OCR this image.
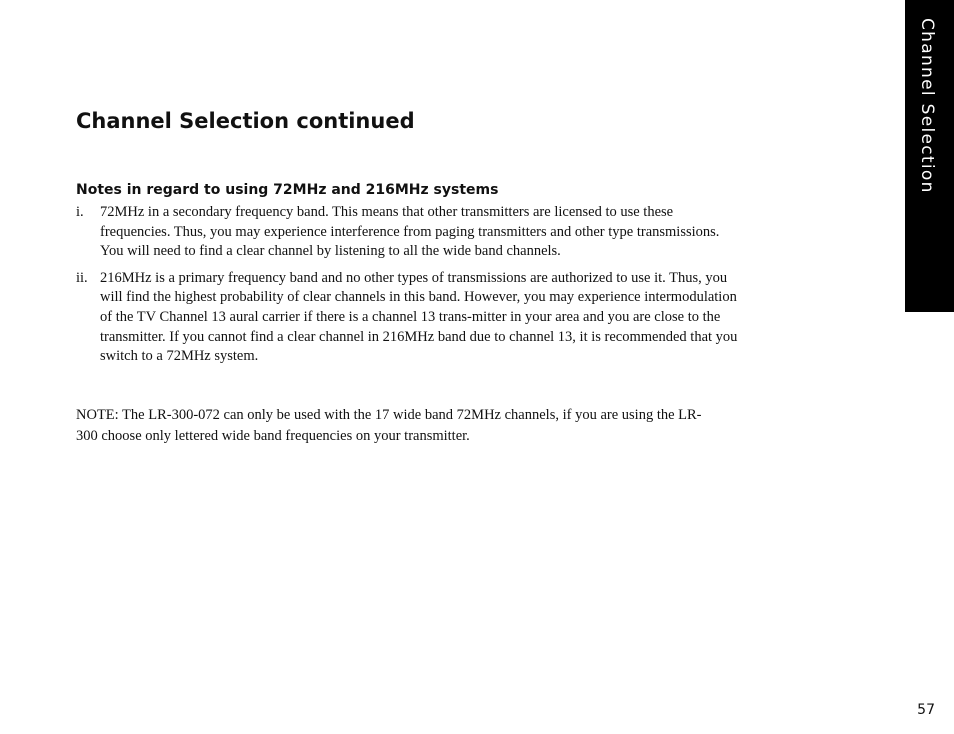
Channel Selection continued
Notes in regard to using 72MHz and 216MHz systems
i. 72MHz in a secondary frequency band. This means that other transmitters are licensed to use these frequencies. Thus, you may experience interference from paging transmitters and other type transmissions. You will need to find a clear channel by listening to all the wide band channels.
ii. 216MHz is a primary frequency band and no other types of transmissions are authorized to use it. Thus, you will find the highest probability of clear channels in this band. However, you may experience intermodulation of the TV Channel 13 aural carrier if there is a channel 13 trans-mitter in your area and you are close to the transmitter. If you cannot find a clear channel in 216MHz band due to channel 13, it is recommended that you switch to a 72MHz system.

NOTE: The LR-300-072 can only be used with the 17 wide band 72MHz channels, if you are using the LR-300 choose only lettered wide band frequencies on your transmitter.

Channel Selection
57
